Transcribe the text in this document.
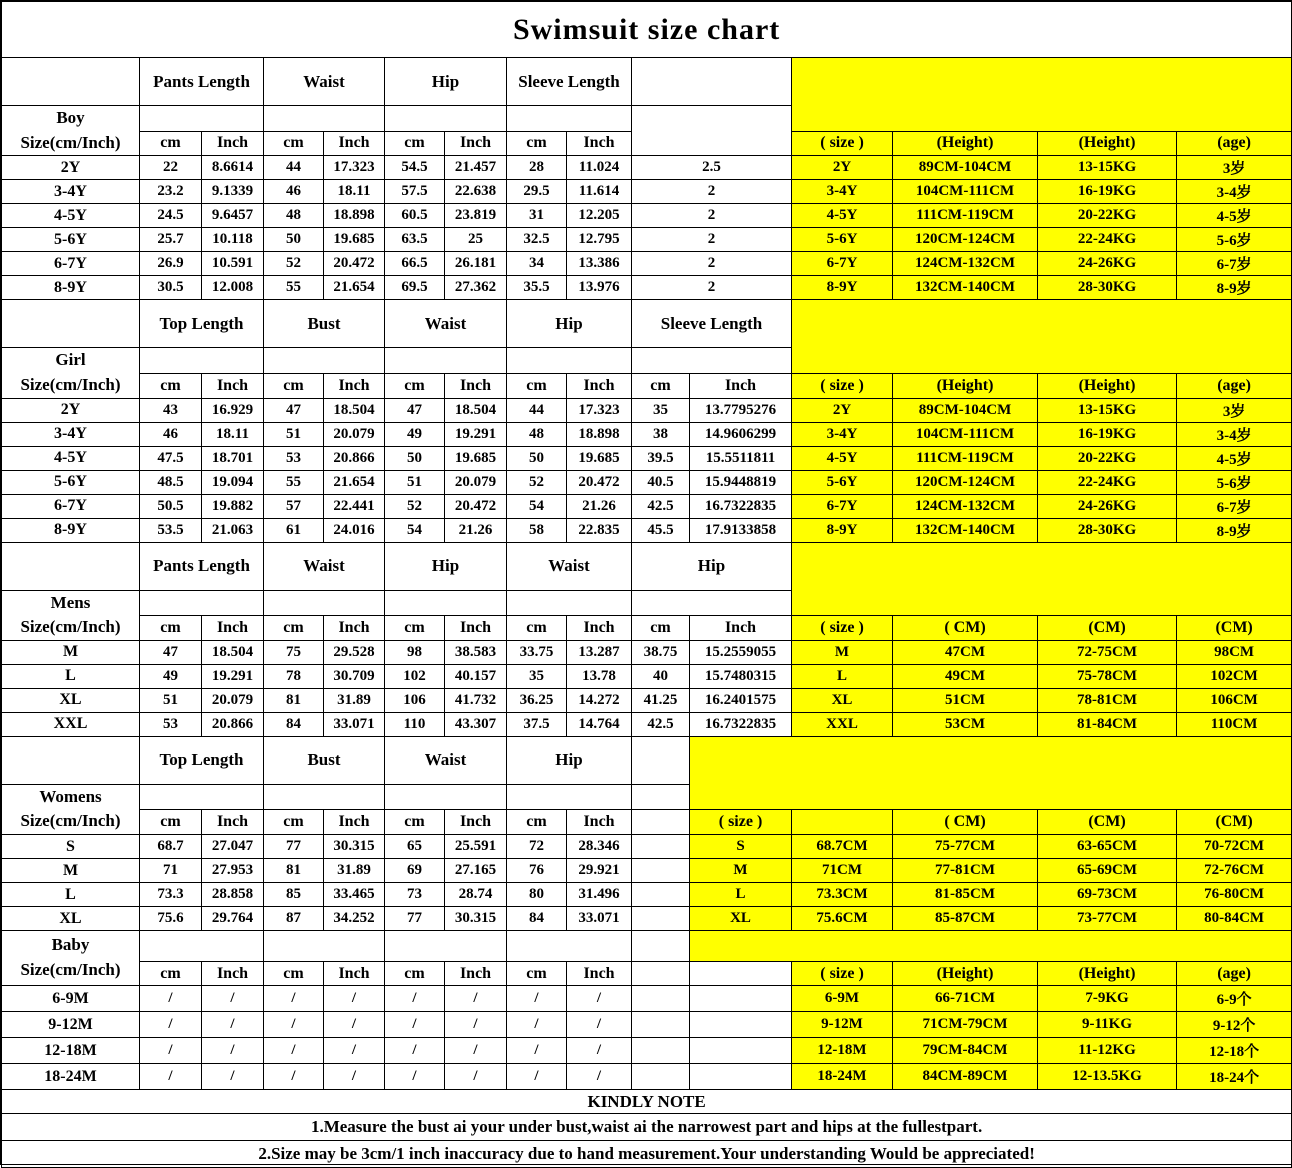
Swimsuit size chart														
	Pants Length		Waist		Hip		Sleeve Length							

Boy
Size(cm/Inch)														

	cm	Inch	cm	Inch	cm	Inch	cm	Inch			( size )	(Height)	(Height)	(age)
2Y	22	8.6614	44	17.323	54.5	21.457	28	11.024	2.5		2Y	89CM-104CM	13-15KG	3岁
3-4Y	23.2	9.1339	46	18.11	57.5	22.638	29.5	11.614	2		3-4Y	104CM-111CM	16-19KG	3-4岁
4-5Y	24.5	9.6457	48	18.898	60.5	23.819	31	12.205	2		4-5Y	111CM-119CM	20-22KG	4-5岁
5-6Y	25.7	10.118	50	19.685	63.5	25	32.5	12.795	2		5-6Y	120CM-124CM	22-24KG	5-6岁
6-7Y	26.9	10.591	52	20.472	66.5	26.181	34	13.386	2		6-7Y	124CM-132CM	24-26KG	6-7岁
8-9Y	30.5	12.008	55	21.654	69.5	27.362	35.5	13.976	2		8-9Y	132CM-140CM	28-30KG	8-9岁
	Top Length		Bust		Waist		Hip		Sleeve Length					

Girl
Size(cm/Inch)														

	cm	Inch	cm	Inch	cm	Inch	cm	Inch	cm	Inch	( size )	(Height)	(Height)	(age)
2Y	43	16.929	47	18.504	47	18.504	44	17.323	35	13.7795276	2Y	89CM-104CM	13-15KG	3岁
3-4Y	46	18.11	51	20.079	49	19.291	48	18.898	38	14.9606299	3-4Y	104CM-111CM	16-19KG	3-4岁
4-5Y	47.5	18.701	53	20.866	50	19.685	50	19.685	39.5	15.5511811	4-5Y	111CM-119CM	20-22KG	4-5岁
5-6Y	48.5	19.094	55	21.654	51	20.079	52	20.472	40.5	15.9448819	5-6Y	120CM-124CM	22-24KG	5-6岁
6-7Y	50.5	19.882	57	22.441	52	20.472	54	21.26	42.5	16.7322835	6-7Y	124CM-132CM	24-26KG	6-7岁
8-9Y	53.5	21.063	61	24.016	54	21.26	58	22.835	45.5	17.9133858	8-9Y	132CM-140CM	28-30KG	8-9岁
	Pants Length		Waist		Hip		Waist		Hip					

Mens
Size(cm/Inch)														

	cm	Inch	cm	Inch	cm	Inch	cm	Inch	cm	Inch	( size )	( CM)	(CM)	(CM)
M	47	18.504	75	29.528	98	38.583	33.75	13.287	38.75	15.2559055	M	47CM	72-75CM	98CM
L	49	19.291	78	30.709	102	40.157	35	13.78	40	15.7480315	L	49CM	75-78CM	102CM
XL	51	20.079	81	31.89	106	41.732	36.25	14.272	41.25	16.2401575	XL	51CM	78-81CM	106CM
XXL	53	20.866	84	33.071	110	43.307	37.5	14.764	42.5	16.7322835	XXL	53CM	81-84CM	110CM
	Top Length		Bust		Waist		Hip							

Womens
Size(cm/Inch)														

	cm	Inch	cm	Inch	cm	Inch	cm	Inch		( size )		( CM)	(CM)	(CM)
S	68.7	27.047	77	30.315	65	25.591	72	28.346		S	68.7CM	75-77CM	63-65CM	70-72CM
M	71	27.953	81	31.89	69	27.165	76	29.921		M	71CM	77-81CM	65-69CM	72-76CM
L	73.3	28.858	85	33.465	73	28.74	80	31.496		L	73.3CM	81-85CM	69-73CM	76-80CM
XL	75.6	29.764	87	34.252	77	30.315	84	33.071		XL	75.6CM	85-87CM	73-77CM	80-84CM

Baby
Size(cm/Inch)														

	cm	Inch	cm	Inch	cm	Inch	cm	Inch			( size )	(Height)	(Height)	(age)
6-9M	/	/	/	/	/	/	/	/			6-9M	66-71CM	7-9KG	6-9个
9-12M	/	/	/	/	/	/	/	/			9-12M	71CM-79CM	9-11KG	9-12个
12-18M	/	/	/	/	/	/	/	/			12-18M	79CM-84CM	11-12KG	12-18个
18-24M	/	/	/	/	/	/	/	/			18-24M	84CM-89CM	12-13.5KG	18-24个
KINDLY NOTE														
1.Measure the bust ai your under bust,waist ai the narrowest part and hips at the fullestpart.														
2.Size may be 3cm/1 inch inaccuracy due to hand measurement.Your understanding Would be appreciated!														
